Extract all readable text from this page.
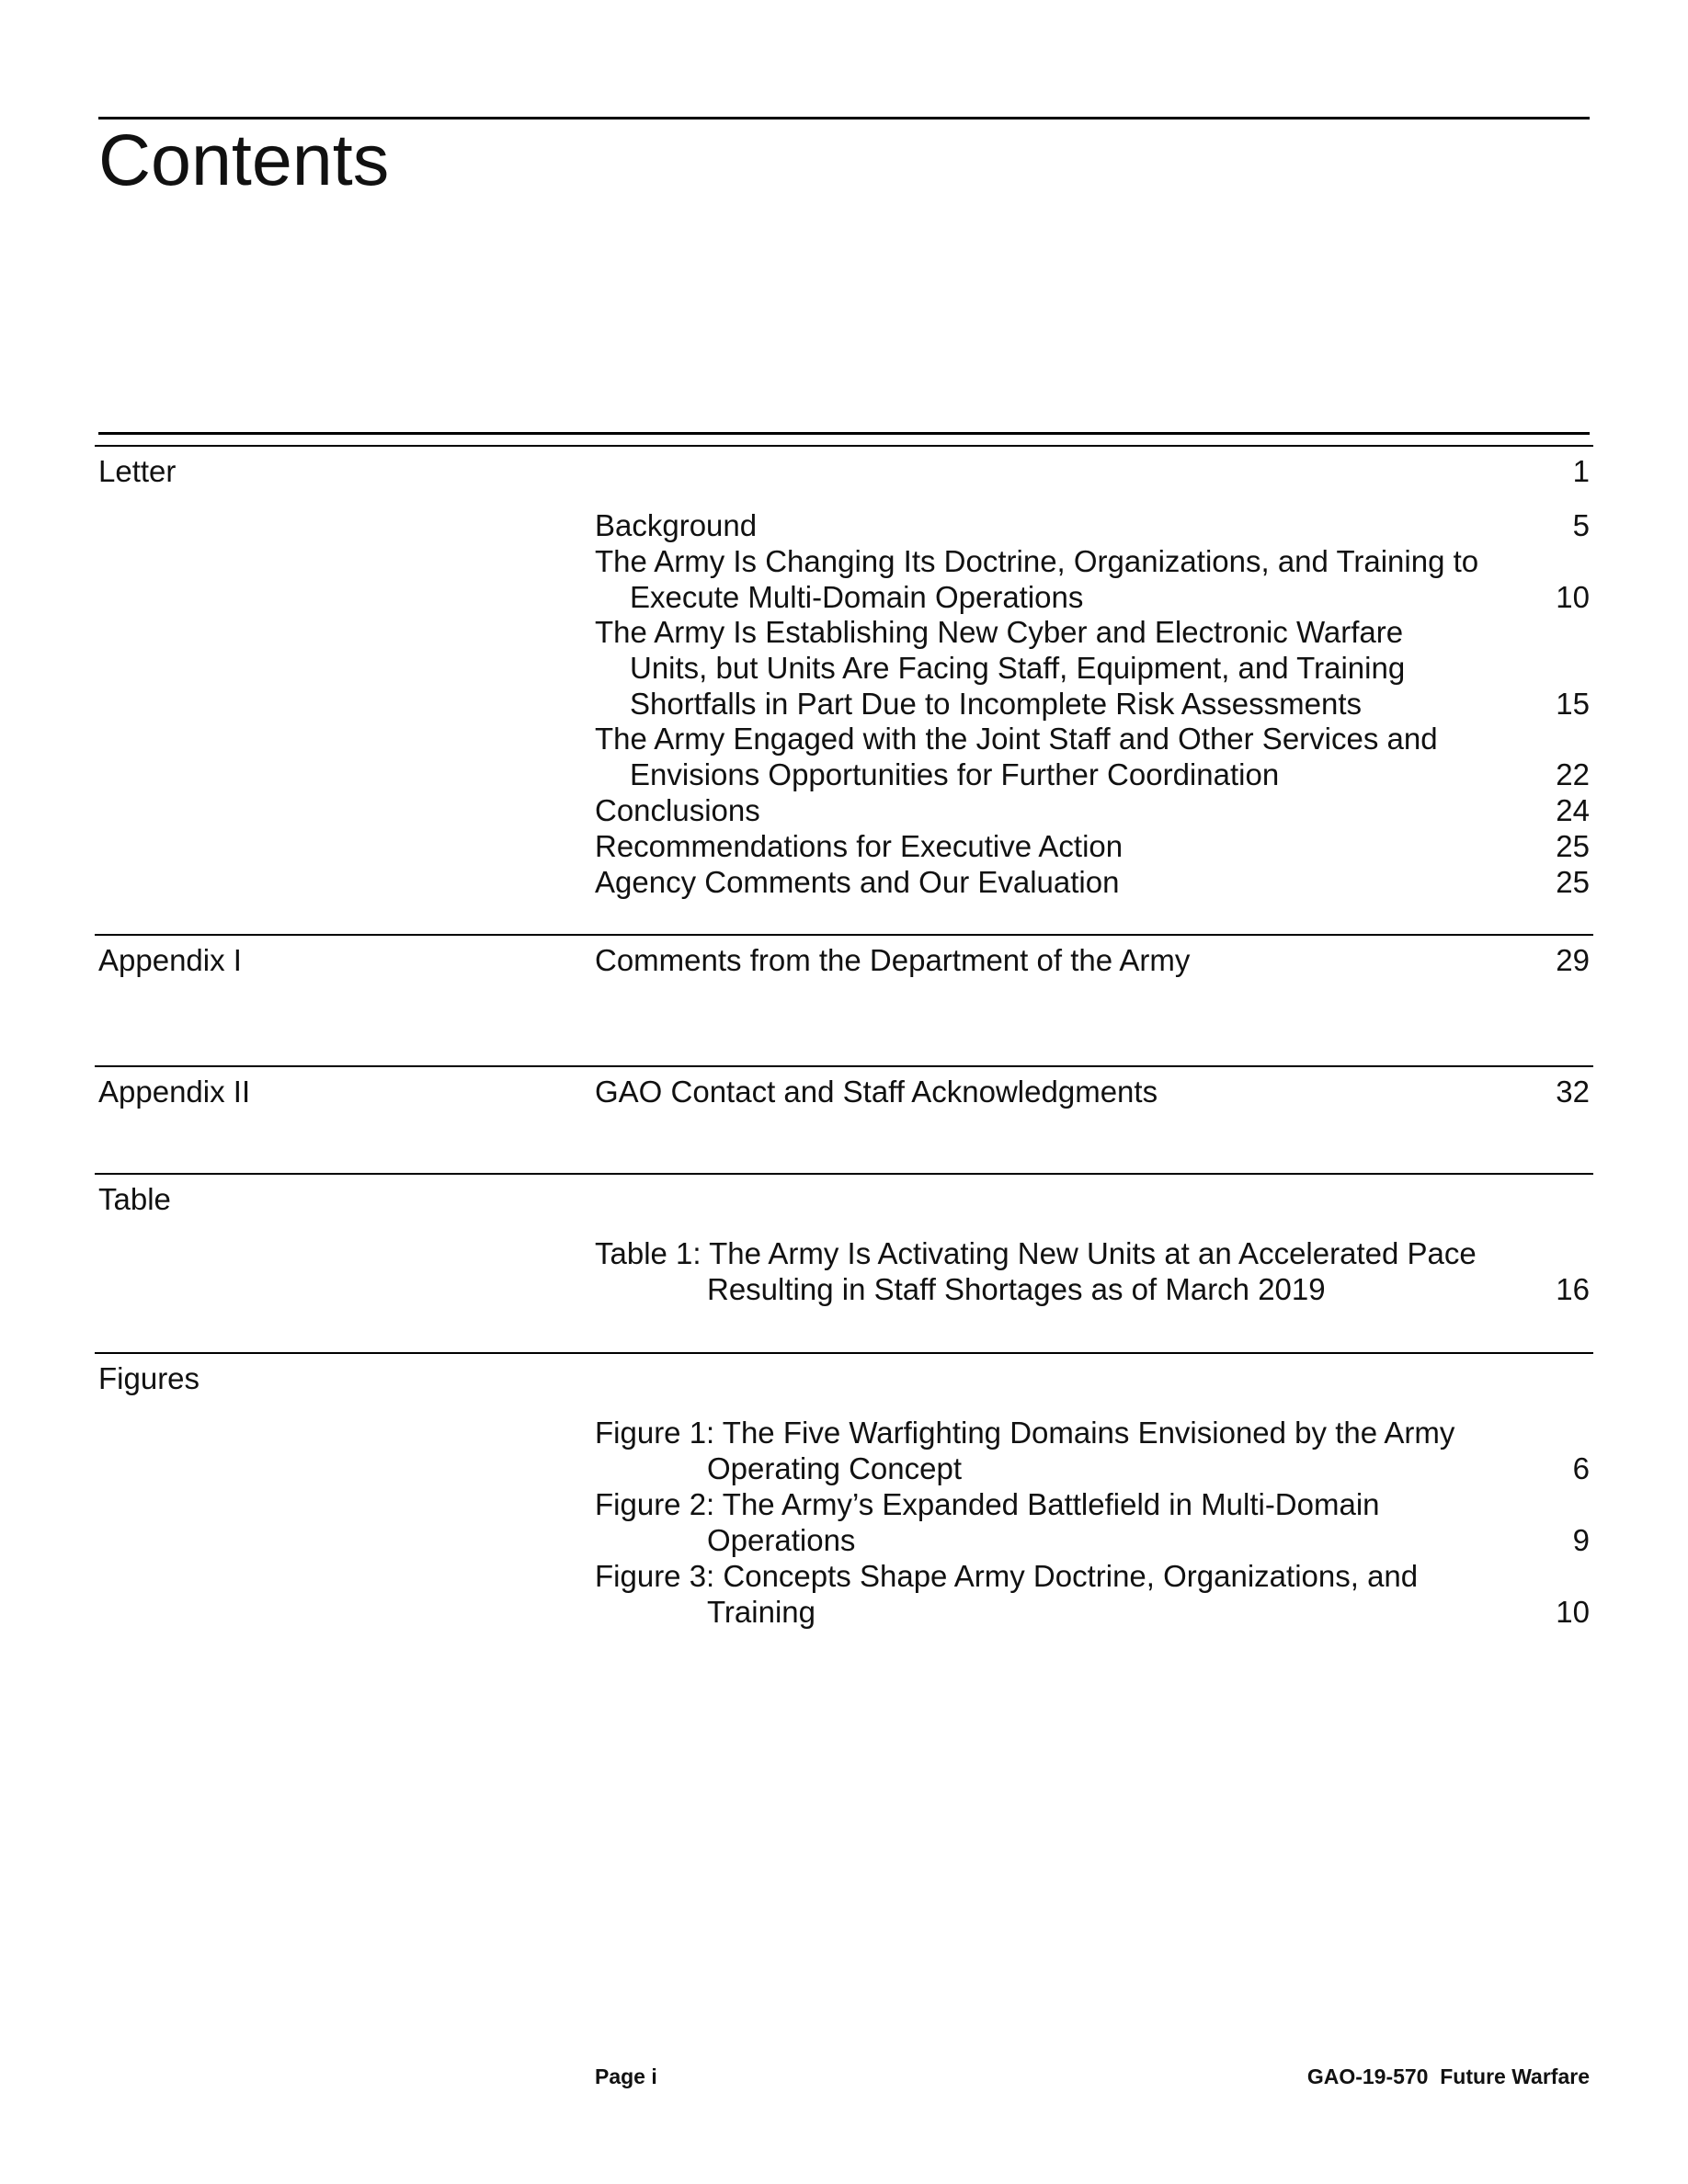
Contents
Letter	1
Background	5
The Army Is Changing Its Doctrine, Organizations, and Training to
Execute Multi-Domain Operations	10
The Army Is Establishing New Cyber and Electronic Warfare
Units, but Units Are Facing Staff, Equipment, and Training
Shortfalls in Part Due to Incomplete Risk Assessments	15
The Army Engaged with the Joint Staff and Other Services and
Envisions Opportunities for Further Coordination	22
Conclusions	24
Recommendations for Executive Action	25
Agency Comments and Our Evaluation	25
Appendix I	Comments from the Department of the Army	29
Appendix II	GAO Contact and Staff Acknowledgments	32
Table
Table 1: The Army Is Activating New Units at an Accelerated Pace
Resulting in Staff Shortages as of March 2019	16
Figures
Figure 1: The Five Warfighting Domains Envisioned by the Army
Operating Concept	6
Figure 2: The Army’s Expanded Battlefield in Multi-Domain
Operations	9
Figure 3: Concepts Shape Army Doctrine, Organizations, and
Training	10
Page i	GAO-19-570  Future Warfare
